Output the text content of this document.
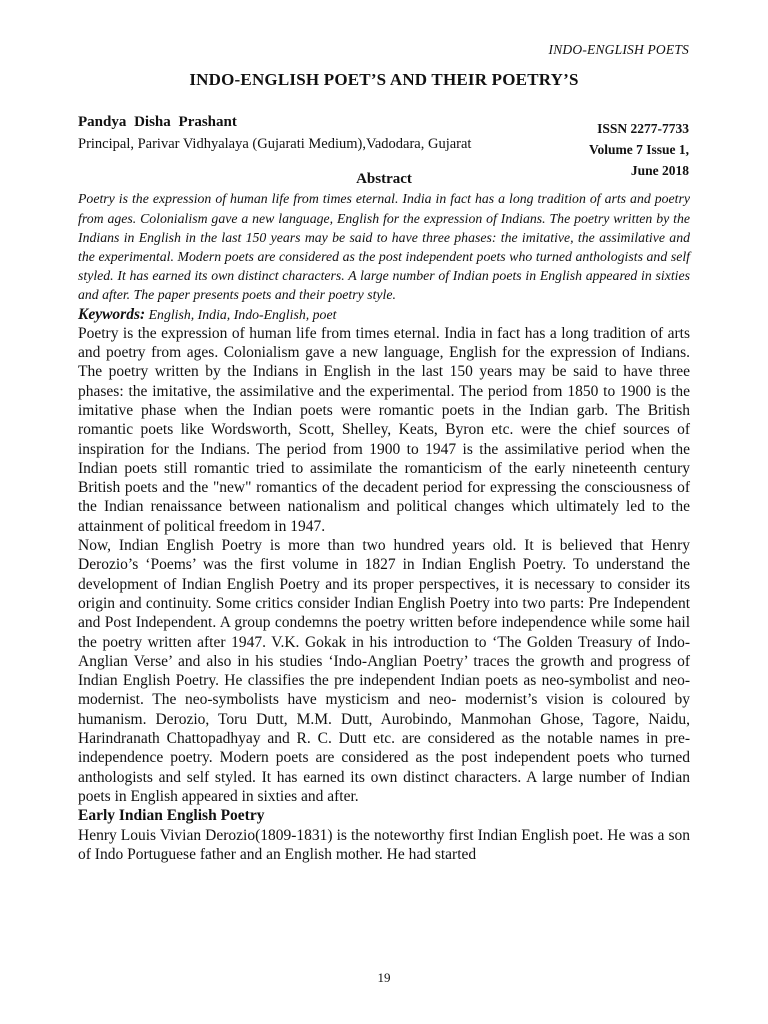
INDO-ENGLISH POETS
INDO-ENGLISH POET’S AND THEIR POETRY’S
Pandya Disha Prashant
Principal, Parivar Vidhyalaya (Gujarati Medium),Vadodara, Gujarat
ISSN 2277-7733
Volume 7 Issue 1,
June 2018

Abstract

Poetry is the expression of human life from times eternal. India in fact has a long tradition of arts and poetry from ages. Colonialism gave a new language, English for the expression of Indians. The poetry written by the Indians in English in the last 150 years may be said to have three phases: the imitative, the assimilative and the experimental. Modern poets are considered as the post independent poets who turned anthologists and self styled. It has earned its own distinct characters. A large number of Indian poets in English appeared in sixties and after. The paper presents poets and their poetry style.

Keywords: English, India, Indo-English, poet

Poetry is the expression of human life from times eternal. India in fact has a long tradition of arts and poetry from ages. Colonialism gave a new language, English for the expression of Indians. The poetry written by the Indians in English in the last 150 years may be said to have three phases: the imitative, the assimilative and the experimental. The period from 1850 to 1900 is the imitative phase when the Indian poets were romantic poets in the Indian garb. The British romantic poets like Wordsworth, Scott, Shelley, Keats, Byron etc. were the chief sources of inspiration for the Indians. The period from 1900 to 1947 is the assimilative period when the Indian poets still romantic tried to assimilate the romanticism of the early nineteenth century British poets and the "new" romantics of the decadent period for expressing the consciousness of the Indian renaissance between nationalism and political changes which ultimately led to the attainment of political freedom in 1947.

Now, Indian English Poetry is more than two hundred years old. It is believed that Henry Derozio’s ‘Poems’ was the first volume in 1827 in Indian English Poetry. To understand the development of Indian English Poetry and its proper perspectives, it is necessary to consider its origin and continuity. Some critics consider Indian English Poetry into two parts: Pre Independent and Post Independent. A group condemns the poetry written before independence while some hail the poetry written after 1947. V.K. Gokak in his introduction to ‘The Golden Treasury of Indo-Anglian Verse’ and also in his studies ‘Indo-Anglian Poetry’ traces the growth and progress of Indian English Poetry. He classifies the pre independent Indian poets as neo-symbolist and neo- modernist. The neo-symbolists have mysticism and neo- modernist’s vision is coloured by humanism. Derozio, Toru Dutt, M.M. Dutt, Aurobindo, Manmohan Ghose, Tagore, Naidu, Harindranath Chattopadhyay and R. C. Dutt etc. are considered as the notable names in pre- independence poetry. Modern poets are considered as the post independent poets who turned anthologists and self styled. It has earned its own distinct characters. A large number of Indian poets in English appeared in sixties and after.

Early Indian English Poetry

Henry Louis Vivian Derozio(1809-1831) is the noteworthy first Indian English poet. He was a son of Indo Portuguese father and an English mother. He had started

19
